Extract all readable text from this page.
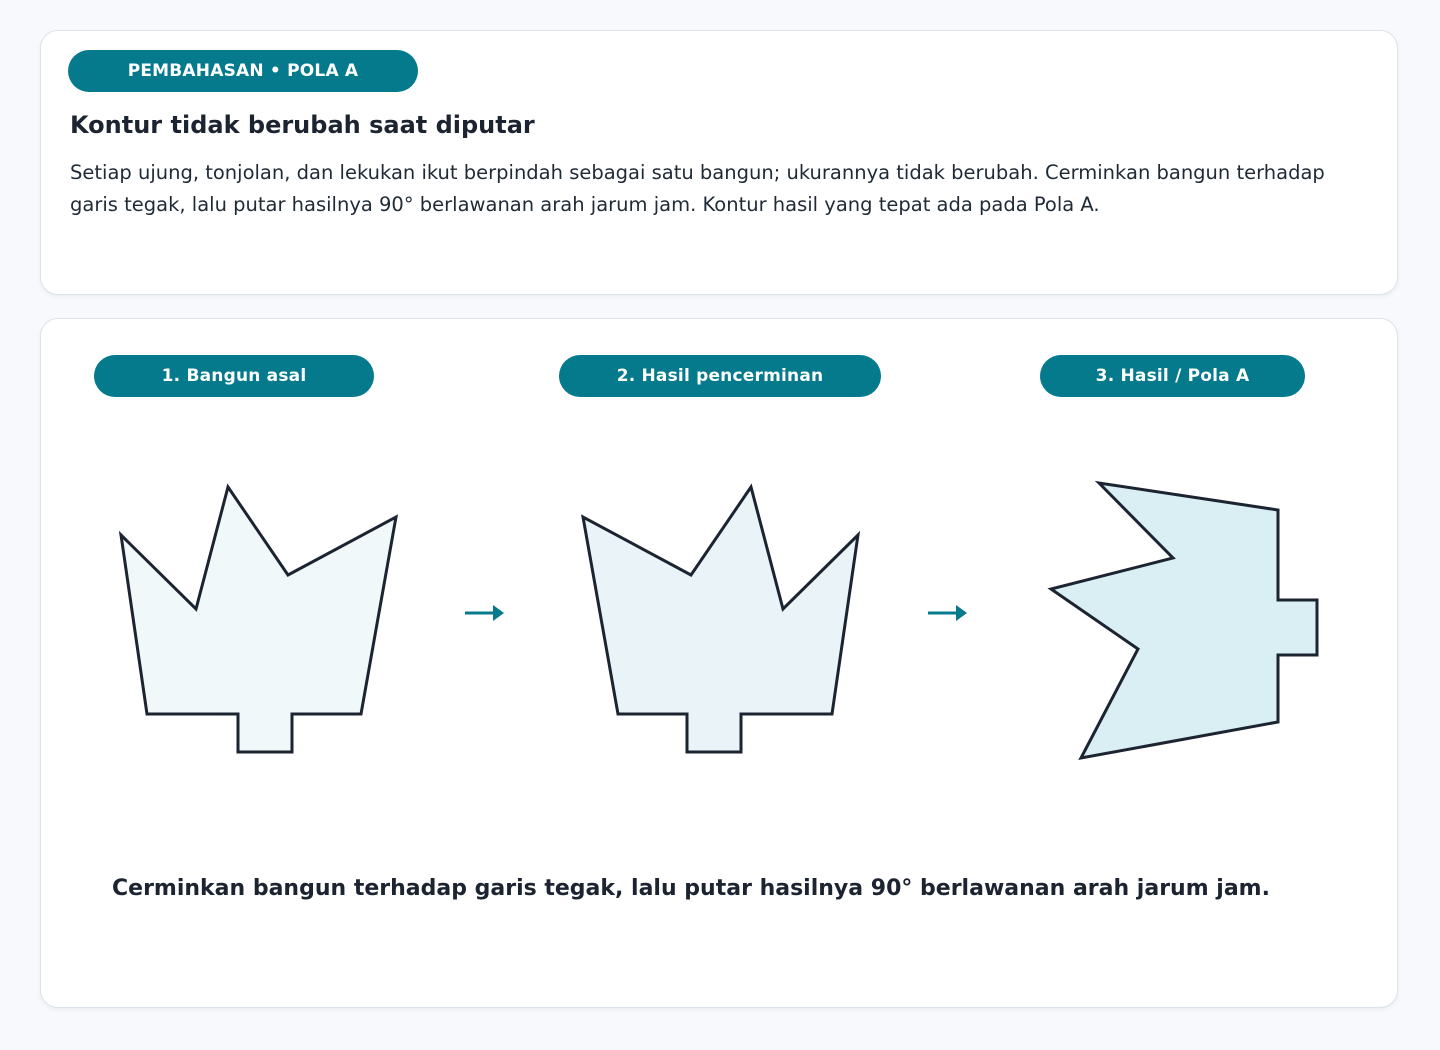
PEMBAHASAN • POLA A
Kontur tidak berubah saat diputar

Setiap ujung, tonjolan, dan lekukan ikut berpindah sebagai satu bangun; ukurannya tidak berubah. Cerminkan bangun terhadap garis tegak, lalu putar hasilnya 90° berlawanan arah jarum jam. Kontur hasil yang tepat ada pada Pola A.

1. Bangun asal	2. Hasil pencerminan	3. Hasil / Pola A

Cerminkan bangun terhadap garis tegak, lalu putar hasilnya 90° berlawanan arah jarum jam.
